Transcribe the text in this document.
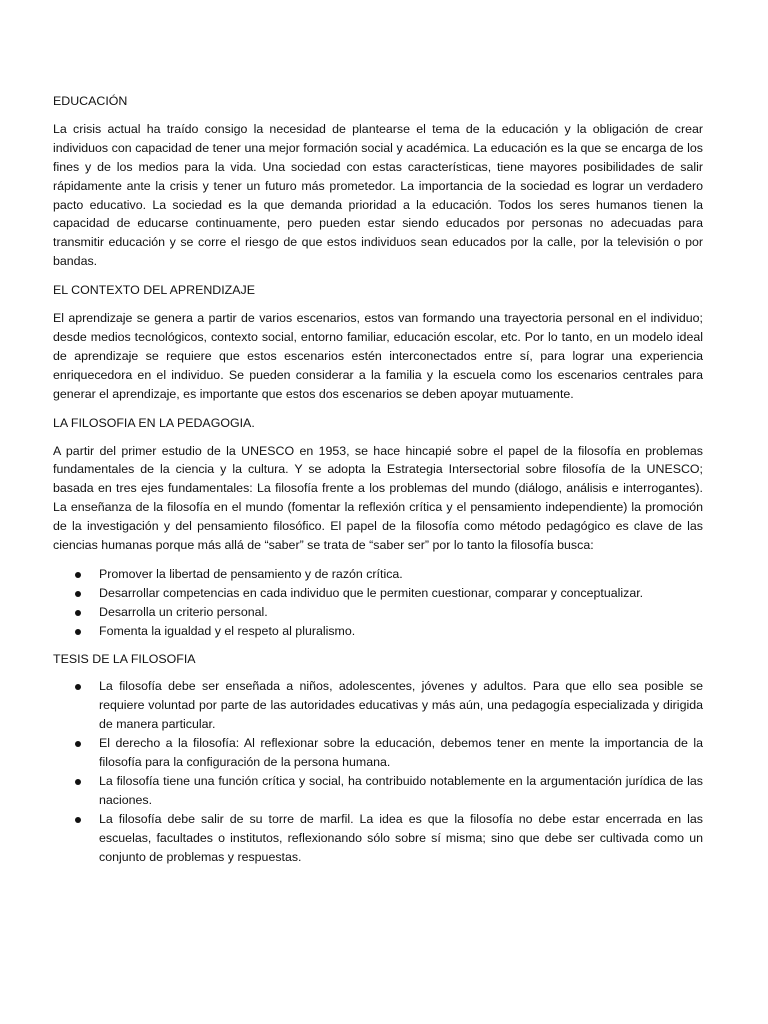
EDUCACIÓN

La crisis actual ha traído consigo la necesidad de plantearse el tema de la educación y la obligación de crear individuos con capacidad de tener una mejor formación social y académica. La educación es la que se encarga de los fines y de los medios para la vida. Una sociedad con estas características, tiene mayores posibilidades de salir rápidamente ante la crisis y tener un futuro más prometedor. La importancia de la sociedad es lograr un verdadero pacto educativo. La sociedad es la que demanda prioridad a la educación. Todos los seres humanos tienen la capacidad de educarse continuamente, pero pueden estar siendo educados por personas no adecuadas para transmitir educación y se corre el riesgo de que estos individuos sean educados por la calle, por la televisión o por bandas.

EL CONTEXTO DEL APRENDIZAJE

El aprendizaje se genera a partir de varios escenarios, estos van formando una trayectoria personal en el individuo; desde medios tecnológicos, contexto social, entorno familiar, educación escolar, etc. Por lo tanto, en un modelo ideal de aprendizaje se requiere que estos escenarios estén interconectados entre sí, para lograr una experiencia enriquecedora en el individuo. Se pueden considerar a la familia y la escuela como los escenarios centrales para generar el aprendizaje, es importante que estos dos escenarios se deben apoyar mutuamente.

LA FILOSOFIA EN LA PEDAGOGIA.

A partir del primer estudio de la UNESCO en 1953, se hace hincapié sobre el papel de la filosofía en problemas fundamentales de la ciencia y la cultura. Y se adopta la Estrategia Intersectorial sobre filosofía de la UNESCO; basada en tres ejes fundamentales: La filosofía frente a los problemas del mundo (diálogo, análisis e interrogantes). La enseñanza de la filosofía en el mundo (fomentar la reflexión crítica y el pensamiento independiente) la promoción de la investigación y del pensamiento filosófico. El papel de la filosofía como método pedagógico es clave de las ciencias humanas porque más allá de “saber” se trata de “saber ser” por lo tanto la filosofía busca:

Promover la libertad de pensamiento y de razón crítica.
Desarrollar competencias en cada individuo que le permiten cuestionar, comparar y conceptualizar.
Desarrolla un criterio personal.
Fomenta la igualdad y el respeto al pluralismo.
TESIS DE LA FILOSOFIA
La filosofía debe ser enseñada a niños, adolescentes, jóvenes y adultos. Para que ello sea posible se requiere voluntad por parte de las autoridades educativas y más aún, una pedagogía especializada y dirigida de manera particular.
El derecho a la filosofía: Al reflexionar sobre la educación, debemos tener en mente la importancia de la filosofía para la configuración de la persona humana.
La filosofía tiene una función crítica y social, ha contribuido notablemente en la argumentación jurídica de las naciones.
La filosofía debe salir de su torre de marfil. La idea es que la filosofía no debe estar encerrada en las escuelas, facultades o institutos, reflexionando sólo sobre sí misma; sino que debe ser cultivada como un conjunto de problemas y respuestas.
